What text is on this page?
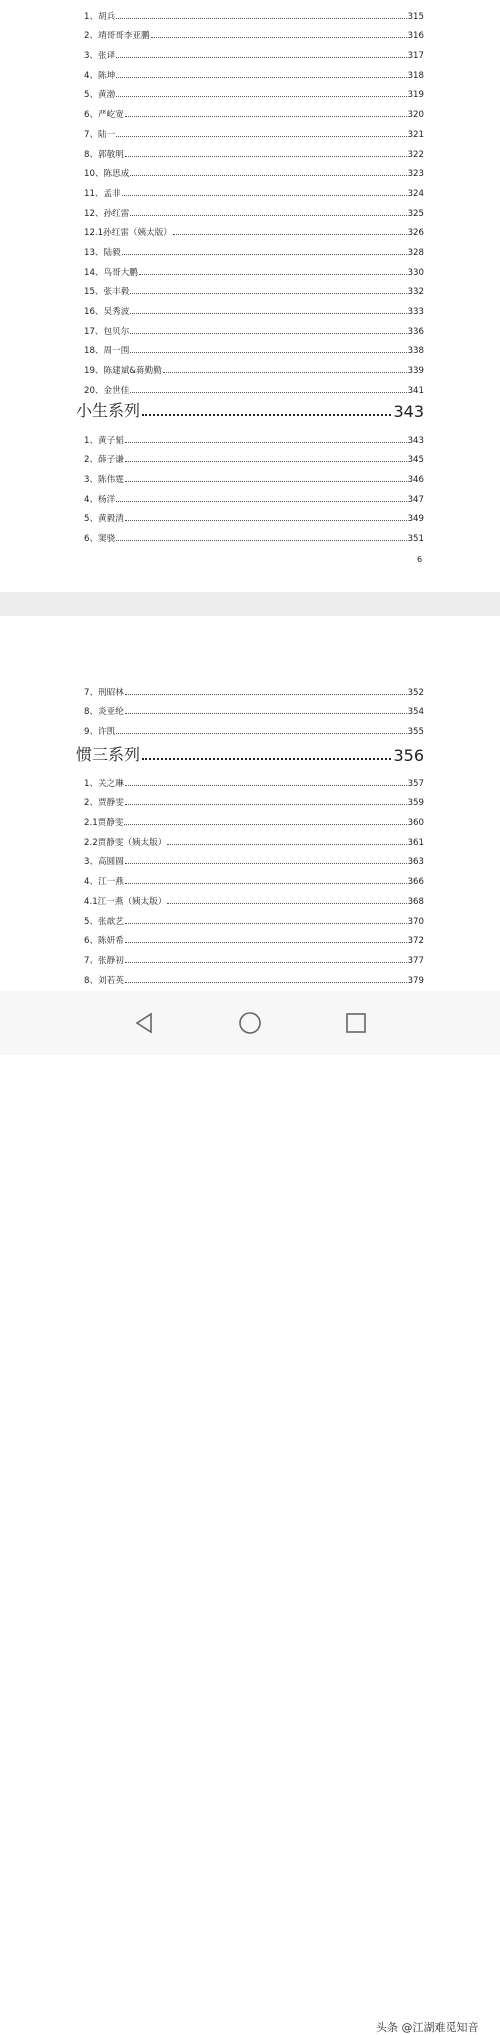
1、胡兵	315
2、靖哥哥李亚鹏	316
3、张译	317
4、陈坤	318
5、黄渤	319
6、严屹宽	320
7、陆一	321
8、郭敬明	322
10、陈思成	323
11、孟非	324
12、孙红雷	325
12.1孙红雷（姨太版）	326
13、陆毅	328
14、鸟哥大鹏	330
15、张丰毅	332
16、吴秀波	333
17、包贝尔	336
18、周一围	338
19、陈建斌&蒋勤勤	339
20、金世佳	341
小生系列	343
1、黄子韬	343
2、薛子谦	345
3、陈伟霆	346
4、杨洋	347
5、黄毅清	349
6、窦骁	351
6
7、刑昭林	352
8、炎亚纶	354
9、许凯	355
惯三系列	356
1、关之琳	357
2、贾静雯	359
2.1贾静雯	360
2.2贾静雯（姨太版）	361
3、高圆圆	363
4、江一燕	366
4.1江一燕（姨太版）	368
5、张歆艺	370
6、陈妍希	372
7、张静初	377
8、刘若英	379
头条 @江湖难觅知音
